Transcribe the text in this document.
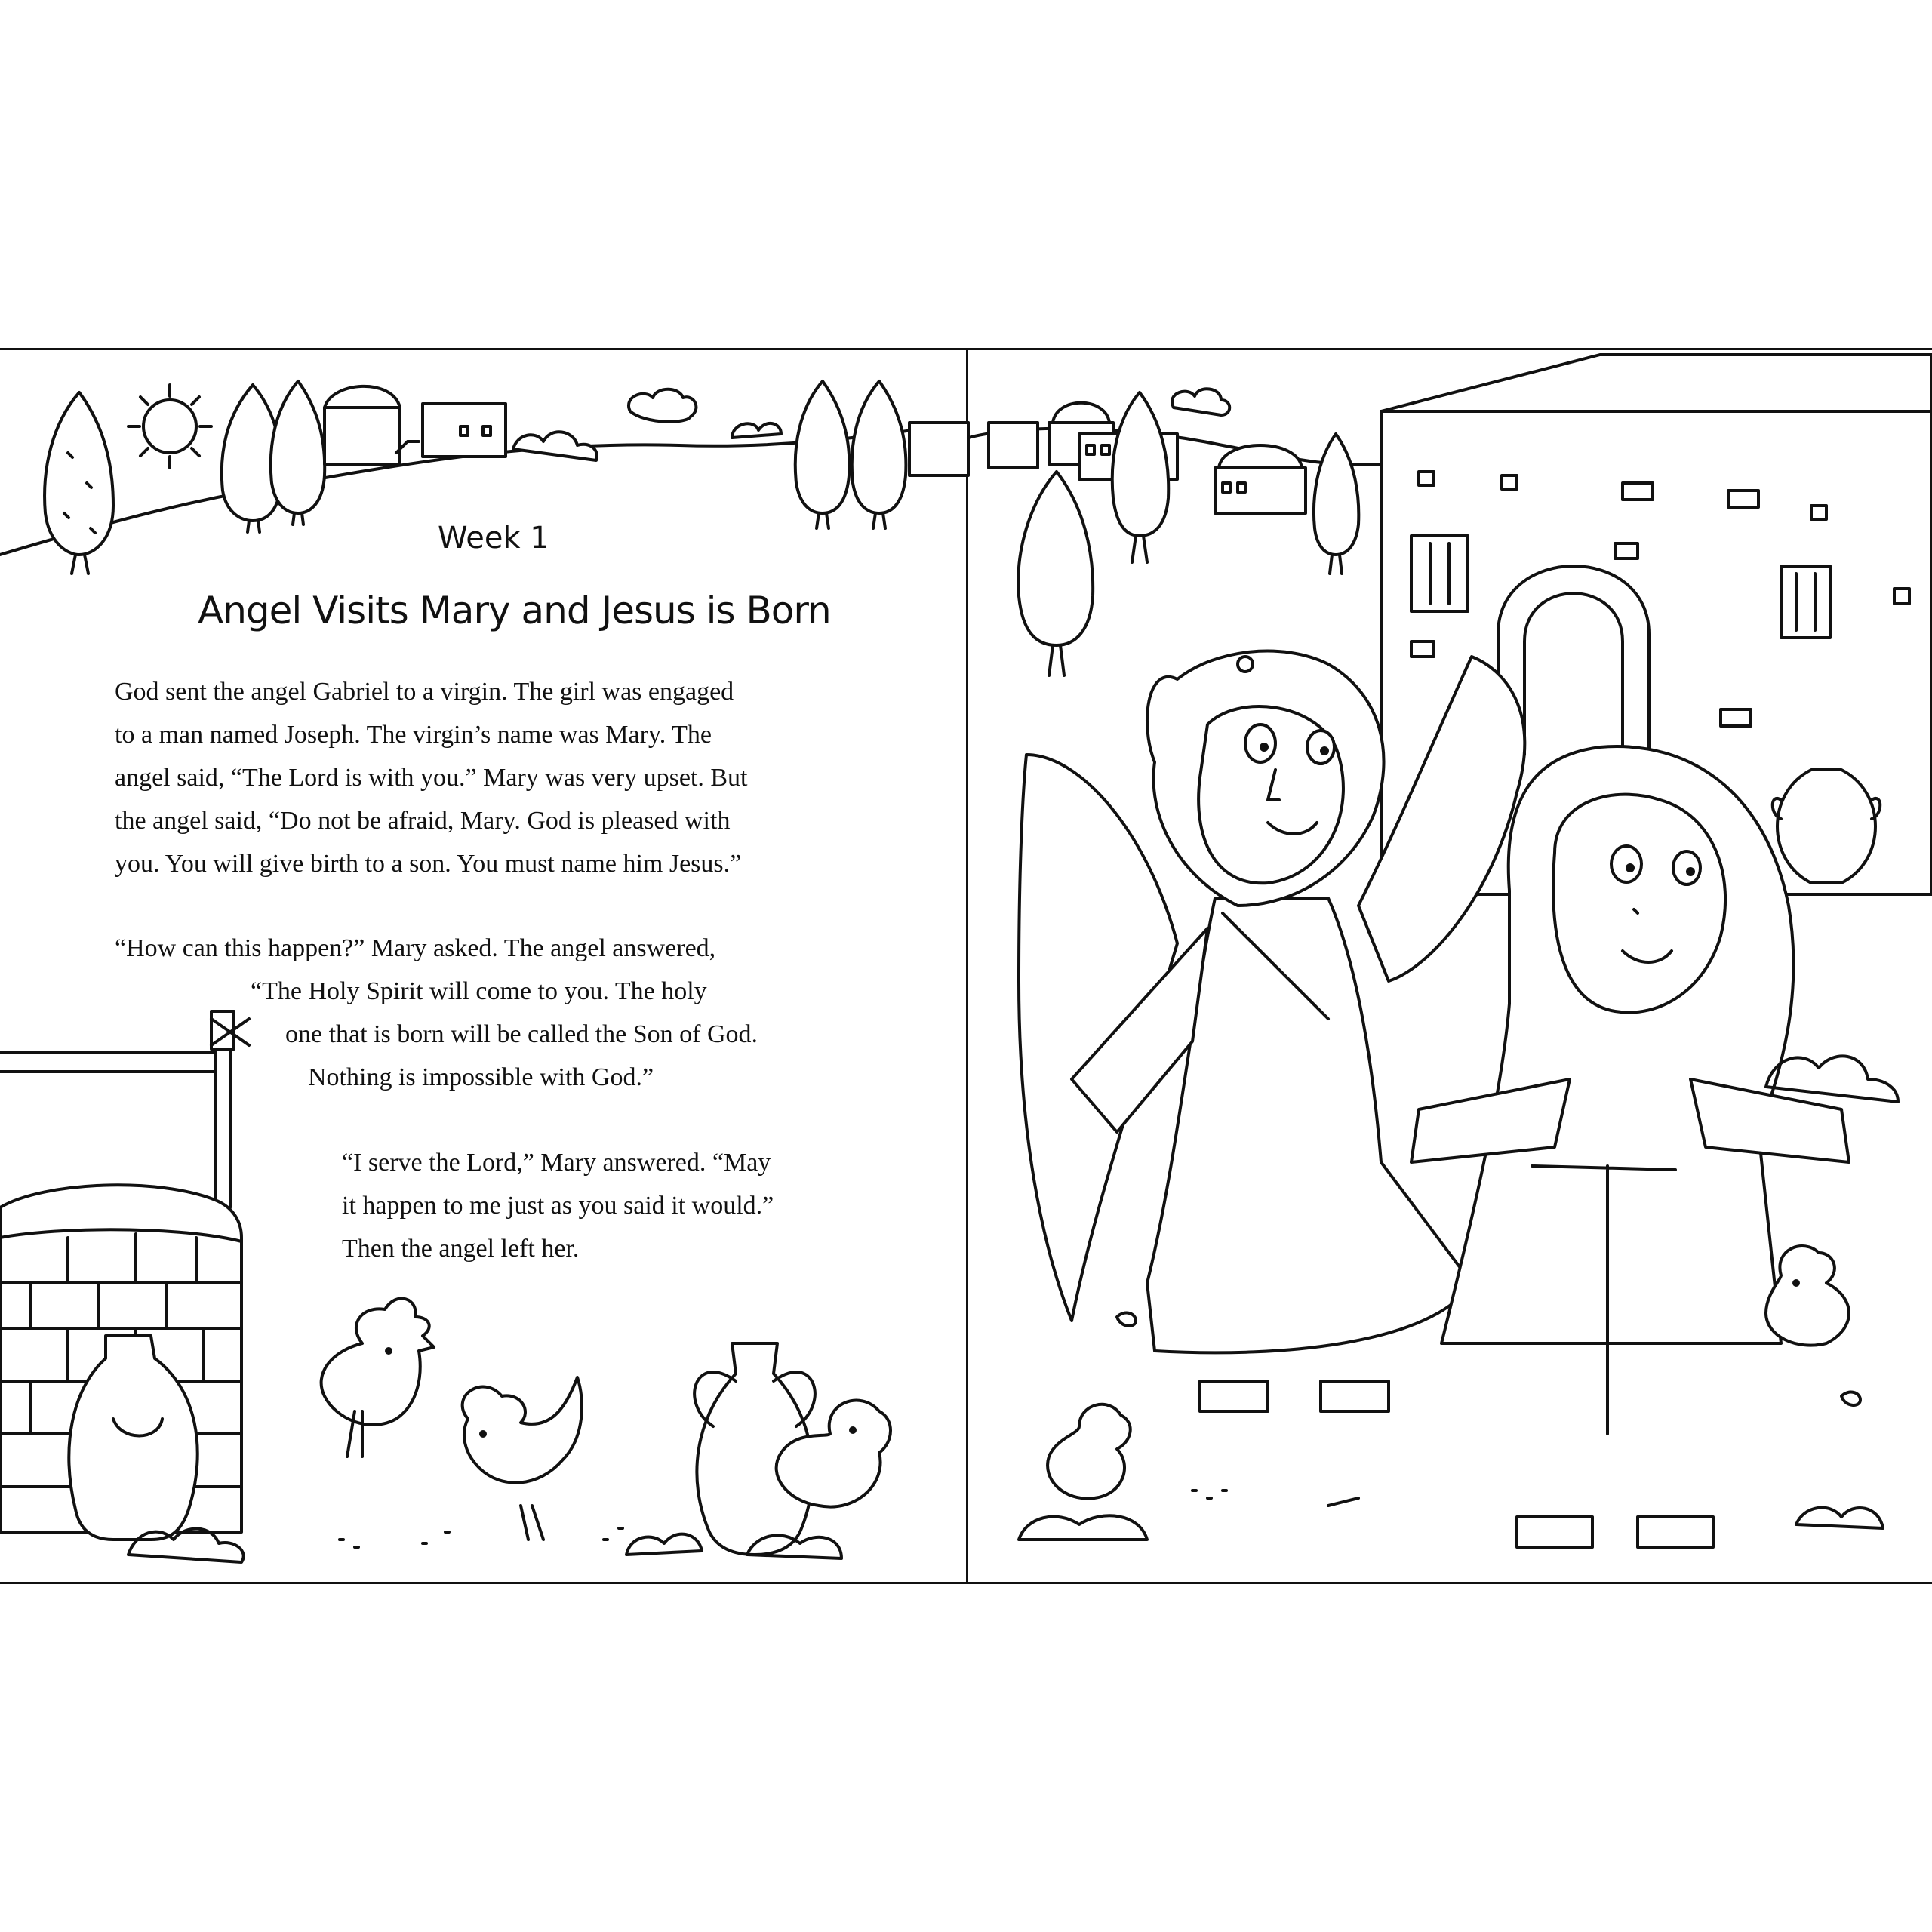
Week 1
Angel Visits Mary and Jesus is Born
God sent the angel Gabriel to a virgin. The girl was engaged
to a man named Joseph. The virgin’s name was Mary. The
angel said, “The Lord is with you.” Mary was very upset. But
the angel said, “Do not be afraid, Mary. God is pleased with
you. You will give birth to a son. You must name him Jesus.”
“How can this happen?” Mary asked. The angel answered,
“The Holy Spirit will come to you. The holy
one that is born will be called the Son of God.
Nothing is impossible with God.”
“I serve the Lord,” Mary answered. “May
it happen to me just as you said it would.”
Then the angel left her.
